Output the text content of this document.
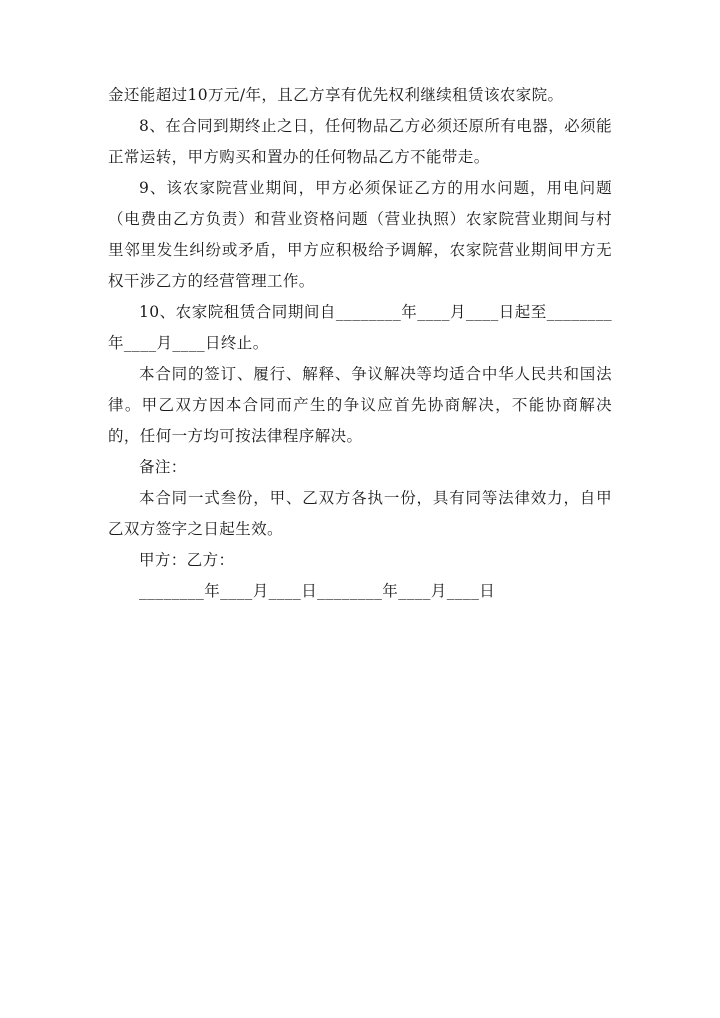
金还能超过10万元/年，且乙方享有优先权利继续租赁该农家院。

8、在合同到期终止之日，任何物品乙方必须还原所有电器，必须能正常运转，甲方购买和置办的任何物品乙方不能带走。

9、该农家院营业期间，甲方必须保证乙方的用水问题，用电问题（电费由乙方负责）和营业资格问题（营业执照）农家院营业期间与村里邻里发生纠纷或矛盾，甲方应积极给予调解，农家院营业期间甲方无权干涉乙方的经营管理工作。

10、农家院租赁合同期间自________年____月____日起至________年____月____日终止。

本合同的签订、履行、解释、争议解决等均适合中华人民共和国法律。甲乙双方因本合同而产生的争议应首先协商解决，不能协商解决的，任何一方均可按法律程序解决。

备注：

本合同一式叁份，甲、乙双方各执一份，具有同等法律效力，自甲乙双方签字之日起生效。

甲方：乙方：

________年____月____日________年____月____日
